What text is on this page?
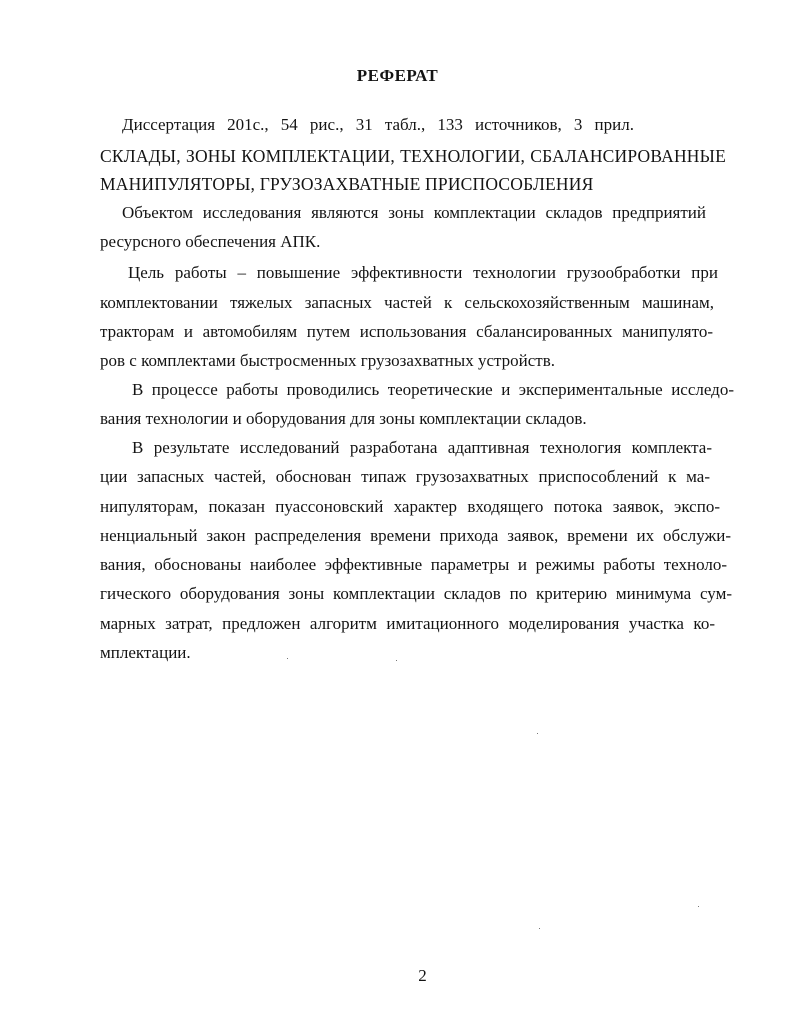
РЕФЕРАТ
Диссертация 201с., 54 рис., 31 табл., 133 источников, 3 прил.
СКЛАДЫ, ЗОНЫ КОМПЛЕКТАЦИИ, ТЕХНОЛОГИИ, СБАЛАНСИРОВАННЫЕ
МАНИПУЛЯТОРЫ, ГРУЗОЗАХВАТНЫЕ ПРИСПОСОБЛЕНИЯ
Объектом исследования являются зоны комплектации складов предприятий
ресурсного обеспечения АПК.
Цель работы – повышение эффективности технологии грузообработки при
комплектовании тяжелых запасных частей к сельскохозяйственным машинам,
тракторам и автомобилям путем использования сбалансированных манипулято-
ров с комплектами быстросменных грузозахватных устройств.
В процессе работы проводились теоретические и экспериментальные исследо-
вания технологии и оборудования для зоны комплектации складов.
В результате исследований разработана адаптивная технология комплекта-
ции запасных частей, обоснован типаж грузозахватных приспособлений к ма-
нипуляторам, показан пуассоновский характер входящего потока заявок, экспо-
ненциальный закон распределения времени прихода заявок, времени их обслужи-
вания, обоснованы наиболее эффективные параметры и режимы работы техноло-
гического оборудования зоны комплектации складов по критерию минимума сум-
марных затрат, предложен алгоритм имитационного моделирования участка ко-
мплектации.
2
